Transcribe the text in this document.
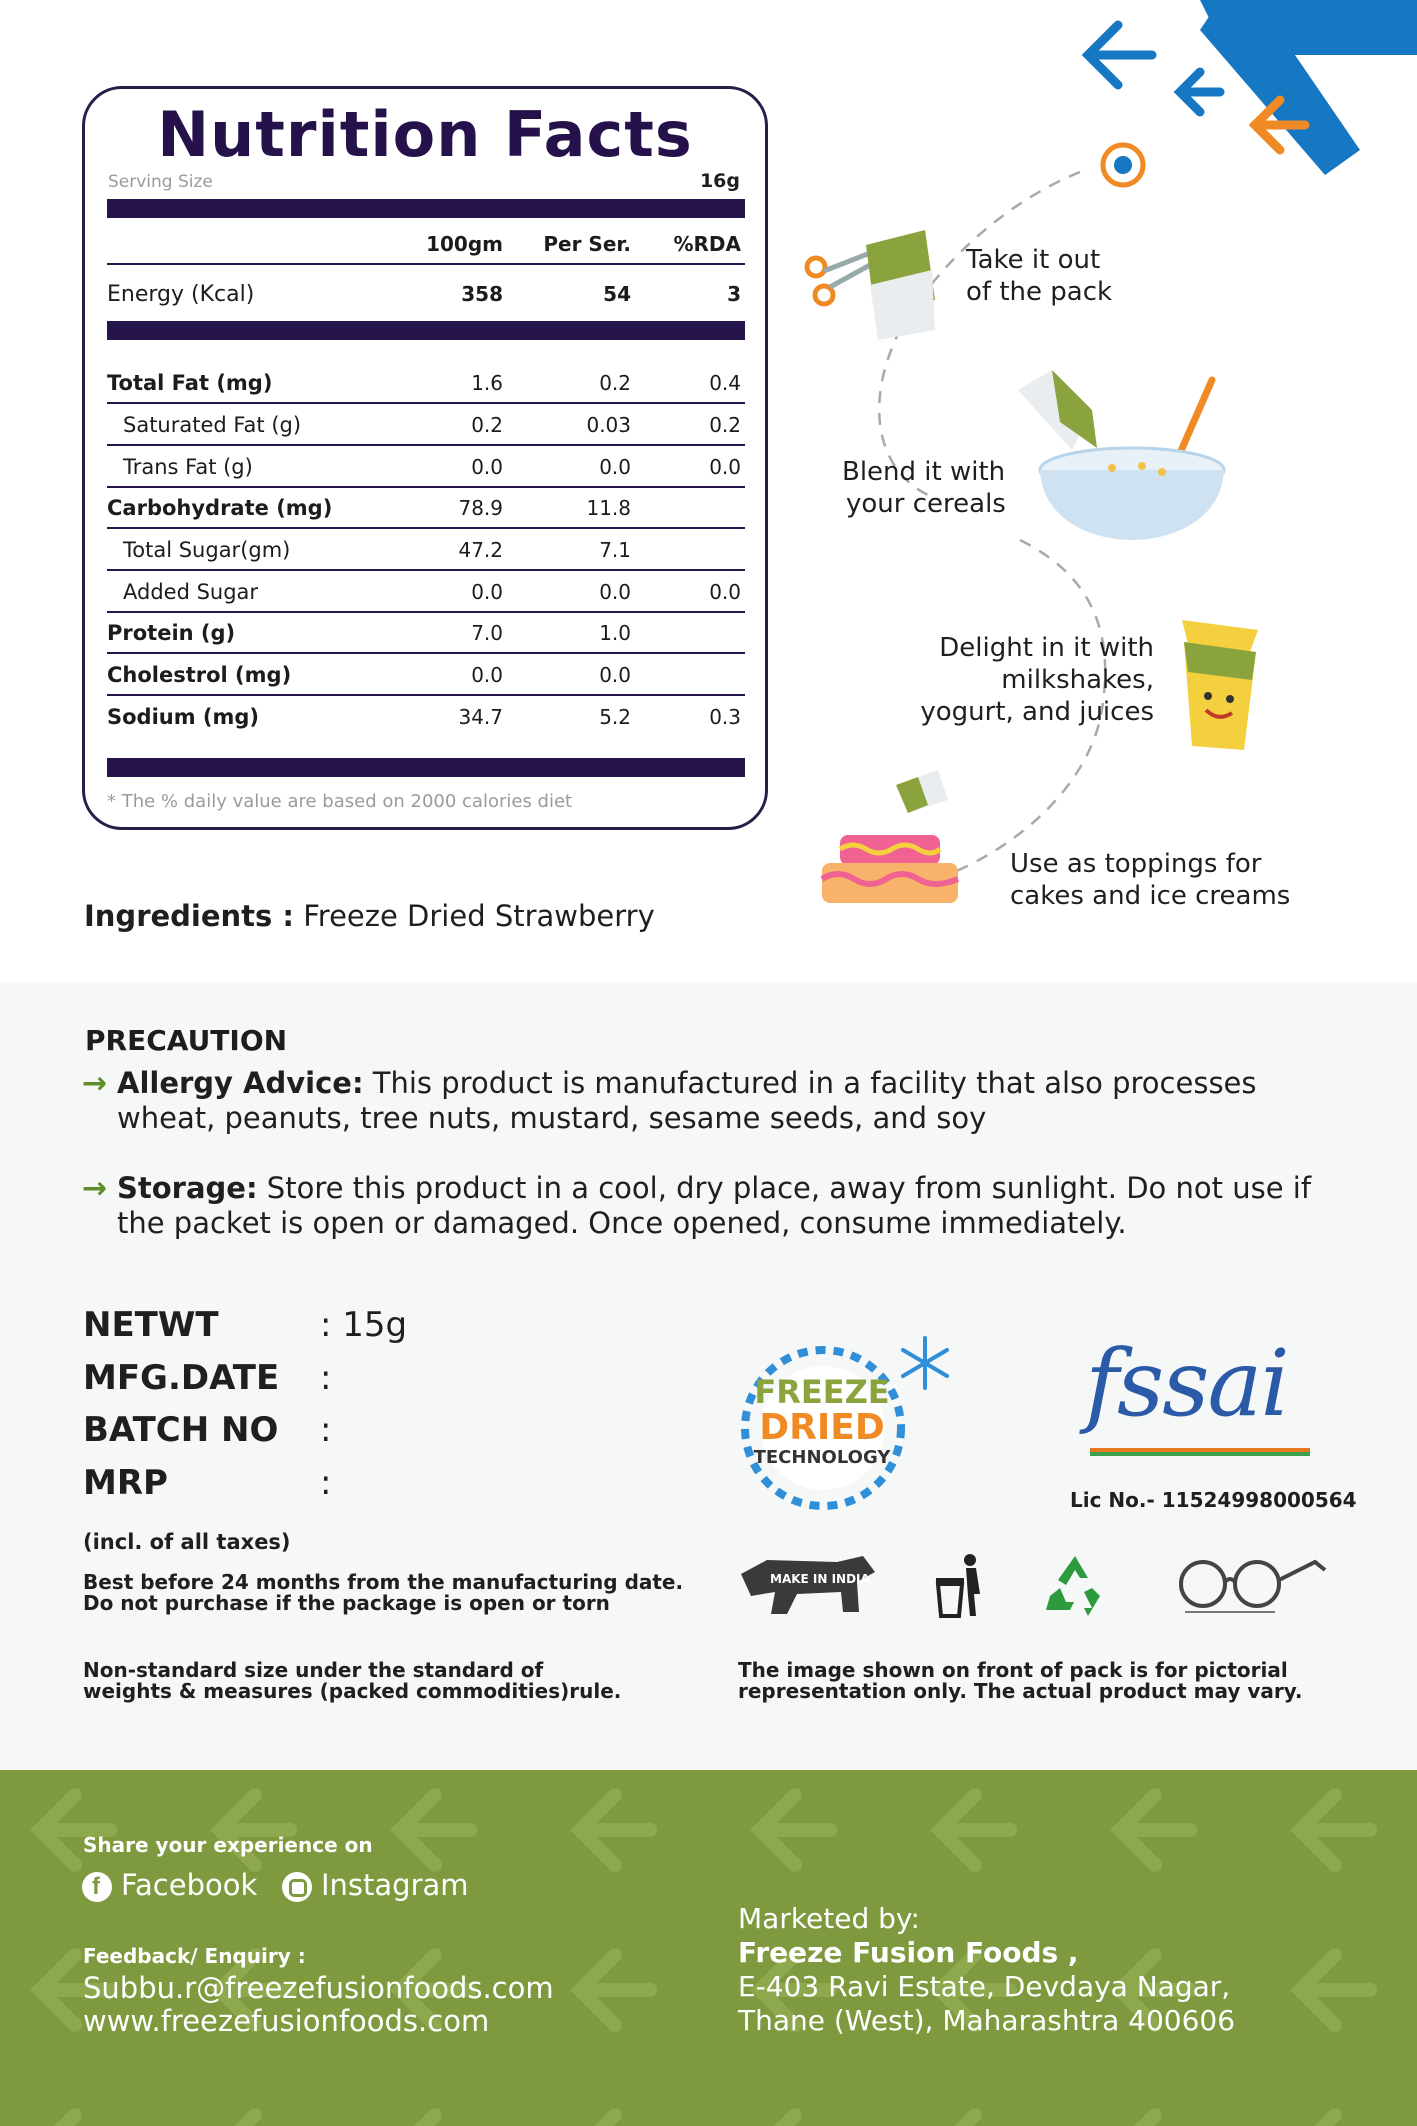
Nutrition Facts
Serving Size	16g
100gm Per Ser. %RDA
Energy (Kcal)	358	54	3
Total Fat (mg)	1.6	0.2	0.4
Saturated Fat (g)	0.2	0.03	0.2
Trans Fat (g)	0.0	0.0	0.0
Carbohydrate (mg)	78.9	11.8
Total Sugar(gm)	47.2	7.1
Added Sugar	0.0	0.0	0.0
Protein (g)	7.0	1.0
Cholestrol (mg)	0.0	0.0
Sodium (mg)	34.7	5.2	0.3
* The % daily value are based on 2000 calories diet
Ingredients : Freeze Dried Strawberry
Take it out
of the pack
Blend it with
your cereals
Delight in it with
milkshakes,
yogurt, and juices
Use as toppings for
cakes and ice creams
PRECAUTION
→ Allergy Advice: This product is manufactured in a facility that also processes
wheat, peanuts, tree nuts, mustard, sesame seeds, and soy
→ Storage: Store this product in a cool, dry place, away from sunlight. Do not use if
the packet is open or damaged. Once opened, consume immediately.
NETWT	: 15g
MFG.DATE :
BATCH NO :
MRP	:
(incl. of all taxes)
Best before 24 months from the manufacturing date.
Do not purchase if the package is open or torn
Non-standard size under the standard of
weights & measures (packed commodities)rule.
The image shown on front of pack is for pictorial
representation only. The actual product may vary.
FREEZE
DRIED
TECHNOLOGY
fssai
Lic No.- 11524998000564
MAKE IN INDIA
Share your experience on
f Facebook Instagram
Feedback/ Enquiry :
Subbu.r@freezefusionfoods.com
www.freezefusionfoods.com
Marketed by:
Freeze Fusion Foods ,
E-403 Ravi Estate, Devdaya Nagar,
Thane (West), Maharashtra 400606
